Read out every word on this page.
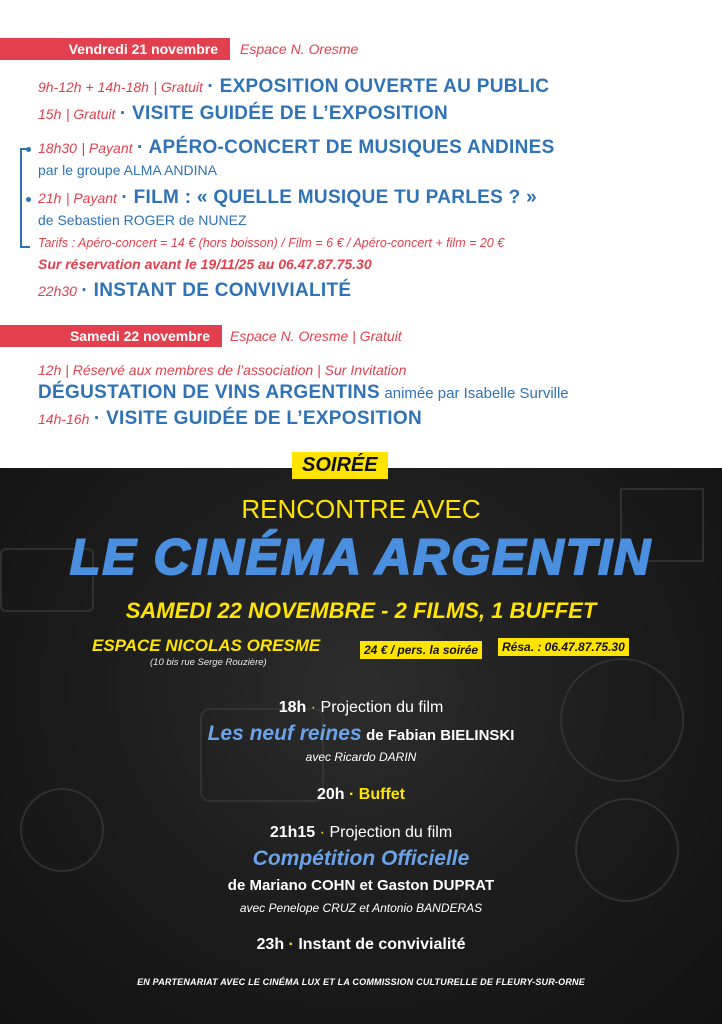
Vendredi 21 novembre Espace N. Oresme
9h-12h + 14h-18h | Gratuit · EXPOSITION OUVERTE AU PUBLIC
15h | Gratuit · VISITE GUIDÉE DE L’EXPOSITION
18h30 | Payant · APÉRO-CONCERT DE MUSIQUES ANDINES
par le groupe ALMA ANDINA
21h | Payant · FILM : « QUELLE MUSIQUE TU PARLES ? »
de Sebastien ROGER de NUNEZ
Tarifs : Apéro-concert = 14 € (hors boisson) / Film = 6 € / Apéro-concert + film = 20 €
Sur réservation avant le 19/11/25 au 06.47.87.75.30
22h30 · INSTANT DE CONVIVIALITÉ
Samedi 22 novembre Espace N. Oresme | Gratuit
12h | Réservé aux membres de l’association | Sur Invitation
DÉGUSTATION DE VINS ARGENTINS animée par Isabelle Surville
14h-16h · VISITE GUIDÉE DE L’EXPOSITION
SOIRÉE
RENCONTRE AVEC
LE CINÉMA ARGENTIN
SAMEDI 22 NOVEMBRE - 2 FILMS, 1 BUFFET
ESPACE NICOLAS ORESME
(10 bis rue Serge Rouzière)
24 € / pers. la soirée	Résa. : 06.47.87.75.30
18h · Projection du film
Les neuf reines de Fabian BIELINSKI
avec Ricardo DARIN
20h · Buffet
21h15 · Projection du film
Compétition Officielle
de Mariano COHN et Gaston DUPRAT
avec Penelope CRUZ et Antonio BANDERAS
23h · Instant de convivialité
EN PARTENARIAT AVEC LE CINÉMA LUX ET LA COMMISSION CULTURELLE DE FLEURY-SUR-ORNE
